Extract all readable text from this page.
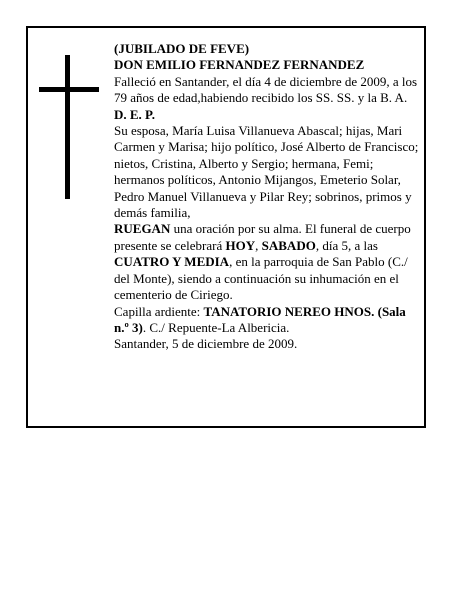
(JUBILADO DE FEVE)

DON EMILIO FERNANDEZ FERNANDEZ

Falleció en Santander, el día 4 de diciembre de 2009, a los 79 años de edad,habiendo recibido los SS. SS. y la B. A.

D. E. P.

Su esposa, María Luisa Villanueva Abascal; hijas, Mari Carmen y Marisa; hijo político, José Alberto de Francisco; nietos, Cristina, Alberto y Sergio; hermana, Femi; hermanos políticos, Antonio Mijangos, Emeterio Solar, Pedro Manuel Villanueva y Pilar Rey; sobrinos, primos y demás familia,

RUEGAN una oración por su alma. El funeral de cuerpo presente se celebrará HOY, SABADO, día 5, a las CUATRO Y MEDIA, en la parroquia de San Pablo (C./ del Monte), siendo a continuación su inhumación en el cementerio de Ciriego.

Capilla ardiente: TANATORIO NEREO HNOS. (Sala n.º 3). C./ Repuente-La Albericia.

Santander, 5 de diciembre de 2009.
